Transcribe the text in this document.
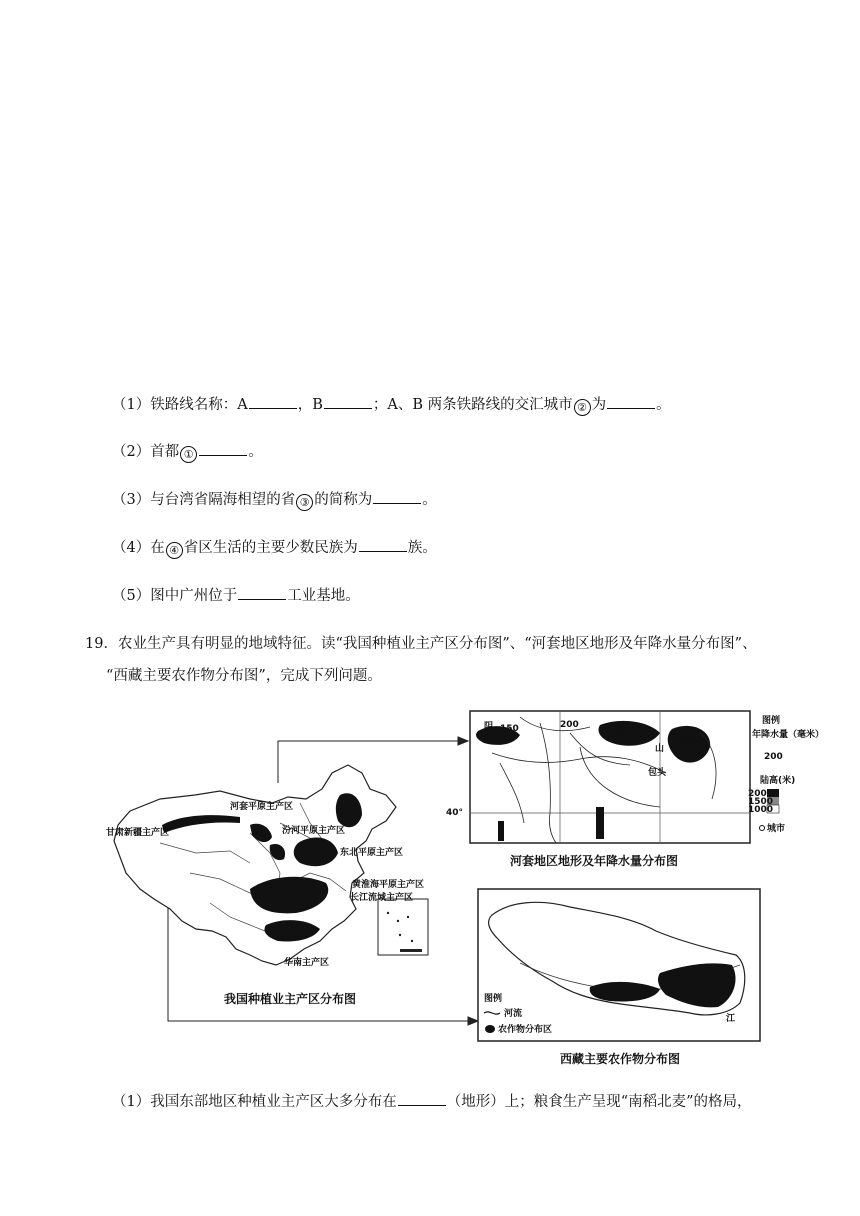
（1）铁路线名称：A	，B	；A、B 两条铁路线的交汇城市 ② 为	。
（2）首都 ①	。
（3）与台湾省隔海相望的省 ③ 的简称为	。
（4）在 ④ 省区生活的主要少数民族为	族。
（5）图中广州位于	工业基地。
19．农业生产具有明显的地域特征。读“我国种植业主产区分布图”、“河套地区地形及年降水量分布图”、
“西藏主要农作物分布图”，完成下列问题。
甘肃新疆主产区
河套平原主产区
汾河平原主产区
东北平原主产区
黄淮海平原主产区
长江流域主产区
华南主产区
我国种植业主产区分布图
阴
山
包头
150	200
300
400
40°
图例
年降水量（毫米）
200
陆高(米)
2000
1500
1000
城市
河套地区地形及年降水量分布图
江
图例
河流
农作物分布区
西藏主要农作物分布图
（1）我国东部地区种植业主产区大多分布在	（地形）上；粮食生产呈现“南稻北麦”的格局，
